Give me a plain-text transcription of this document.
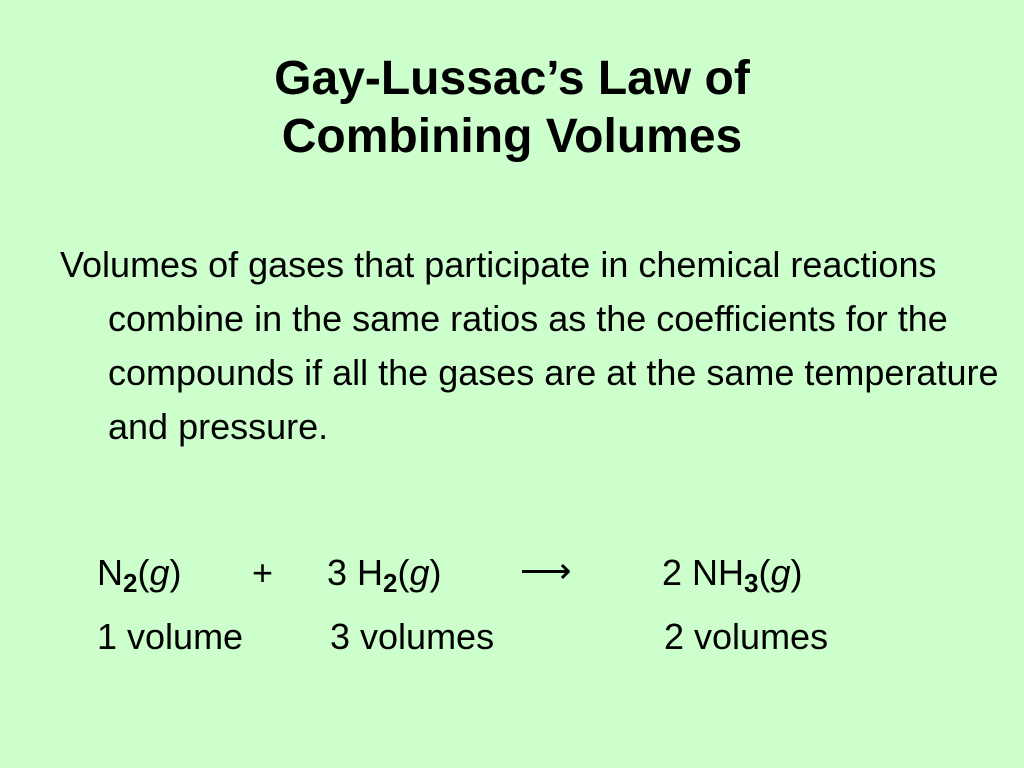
Gay-Lussac’s Law of
Combining Volumes
Volumes of gases that participate in chemical reactions combine in the same ratios as the coefficients for the compounds if all the gases are at the same temperature and pressure.
$N_2(g) + 3$ $H_2(g)$ ⟶	2 $NH_3(g)$
1 volume 3 volumes	2 volumes
